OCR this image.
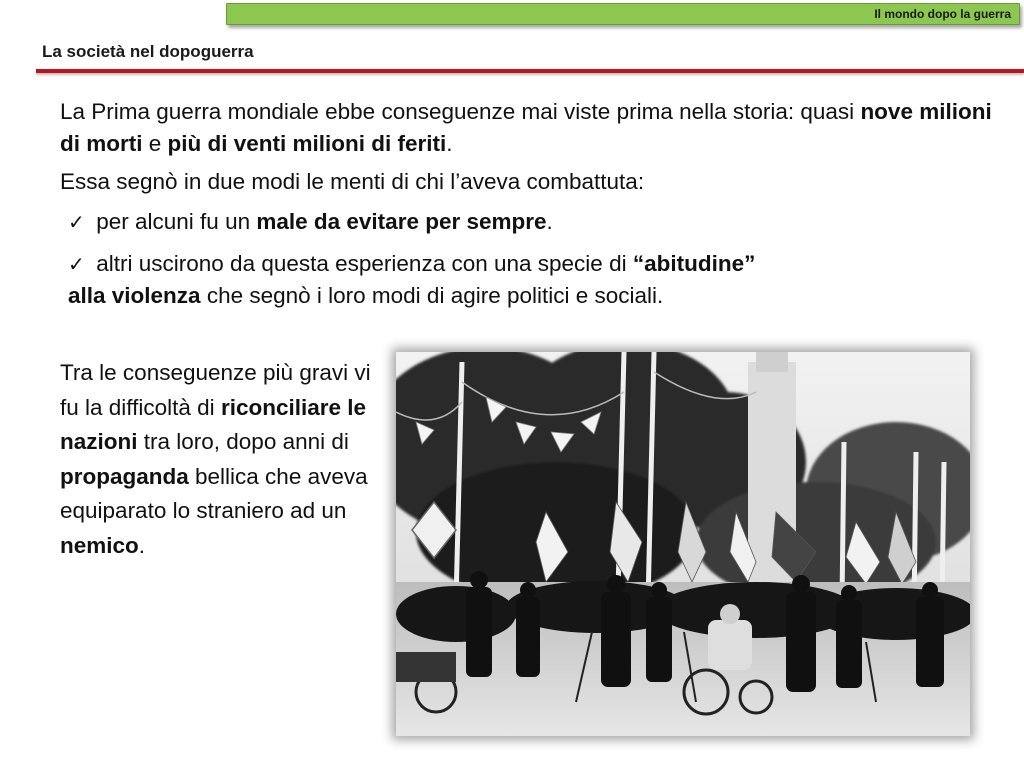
Il mondo dopo la guerra
La società nel dopoguerra

La Prima guerra mondiale ebbe conseguenze mai viste prima nella storia: quasi nove milioni di morti e più di venti milioni di feriti.

Essa segnò in due modi le menti di chi l’aveva combattuta:

✓ per alcuni fu un male da evitare per sempre.
✓ altri uscirono da questa esperienza con una specie di “abitudine”
alla violenza che segnò i loro modi di agire politici e sociali.
Tra le conseguenze più gravi vi fu la difficoltà di riconciliare le nazioni tra loro, dopo anni di propaganda bellica che aveva equiparato lo straniero ad un nemico.
